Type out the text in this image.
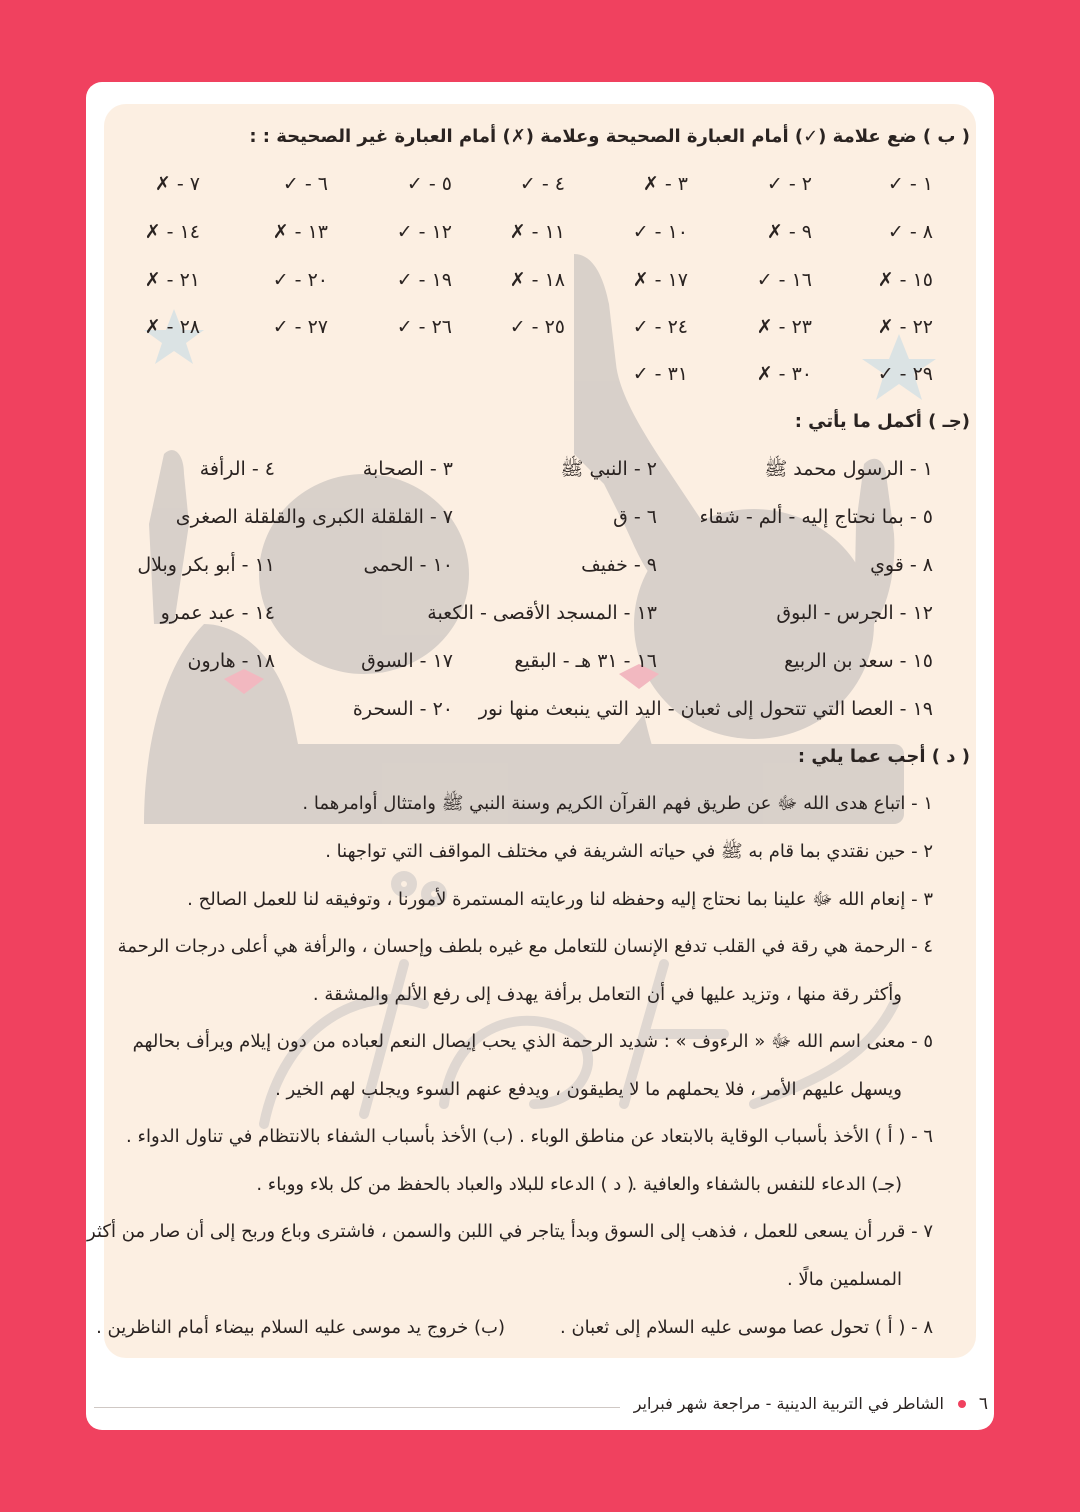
( ب ) ضع علامة (✓) أمام العبارة الصحيحة وعلامة (✗) أمام العبارة غير الصحيحة : :
١ - ✓
٢ - ✓
٣ - ✗
٤ - ✓
٥ - ✓
٦ - ✓
٧ - ✗
٨ - ✓
٩ - ✗
١٠ - ✓
١١ - ✗
١٢ - ✓
١٣ - ✗
١٤ - ✗
١٥ - ✗
١٦ - ✓
١٧ - ✗
١٨ - ✗
١٩ - ✓
٢٠ - ✓
٢١ - ✗
٢٢ - ✗
٢٣ - ✗
٢٤ - ✓
٢٥ - ✓
٢٦ - ✓
٢٧ - ✓
٢٨ - ✗
٢٩ - ✓
٣٠ - ✗
٣١ - ✓
(جـ ) أكمل ما يأتي :
١ - الرسول محمد ﷺ
٢ - النبي ﷺ
٣ - الصحابة
٤ - الرأفة
٥ - بما نحتاج إليه - ألم - شقاء
٦ - ق
٧ - القلقلة الكبرى والقلقلة الصغرى
٨ - قوي
٩ - خفيف
١٠ - الحمى
١١ - أبو بكر وبلال
١٢ - الجرس - البوق
١٣ - المسجد الأقصى - الكعبة
١٤ - عبد عمرو
١٥ - سعد بن الربيع
١٦ - ٣١ هـ - البقيع
١٧ - السوق
١٨ - هارون
١٩ - العصا التي تتحول إلى ثعبان - اليد التي ينبعث منها نور
٢٠ - السحرة
( د ) أجب عما يلي :
١ - اتباع هدى الله ﷻ عن طريق فهم القرآن الكريم وسنة النبي ﷺ وامتثال أوامرهما .
٢ - حين نقتدي بما قام به ﷺ في حياته الشريفة في مختلف المواقف التي تواجهنا .
٣ - إنعام الله ﷻ علينا بما نحتاج إليه وحفظه لنا ورعايته المستمرة لأمورنا ، وتوفيقه لنا للعمل الصالح .
٤ - الرحمة هي رقة في القلب تدفع الإنسان للتعامل مع غيره بلطف وإحسان ، والرأفة هي أعلى درجات الرحمة
وأكثر رقة منها ، وتزيد عليها في أن التعامل برأفة يهدف إلى رفع الألم والمشقة .
٥ - معنى اسم الله ﷻ « الرءوف » : شديد الرحمة الذي يحب إيصال النعم لعباده من دون إيلام ويرأف بحالهم
ويسهل عليهم الأمر ، فلا يحملهم ما لا يطيقون ، ويدفع عنهم السوء ويجلب لهم الخير .
٦ - ( أ ) الأخذ بأسباب الوقاية بالابتعاد عن مناطق الوباء . (ب) الأخذ بأسباب الشفاء بالانتظام في تناول الدواء .
(جـ) الدعاء للنفس بالشفاء والعافية .
( د ) الدعاء للبلاد والعباد بالحفظ من كل بلاء ووباء .
٧ - قرر أن يسعى للعمل ، فذهب إلى السوق وبدأ يتاجر في اللبن والسمن ، فاشترى وباع وربح إلى أن صار من أكثر
المسلمين مالًا .
٨ - ( أ ) تحول عصا موسى عليه السلام إلى ثعبان .
(ب) خروج يد موسى عليه السلام بيضاء أمام الناظرين .
٦
الشاطر في التربية الدينية - مراجعة شهر فبراير
